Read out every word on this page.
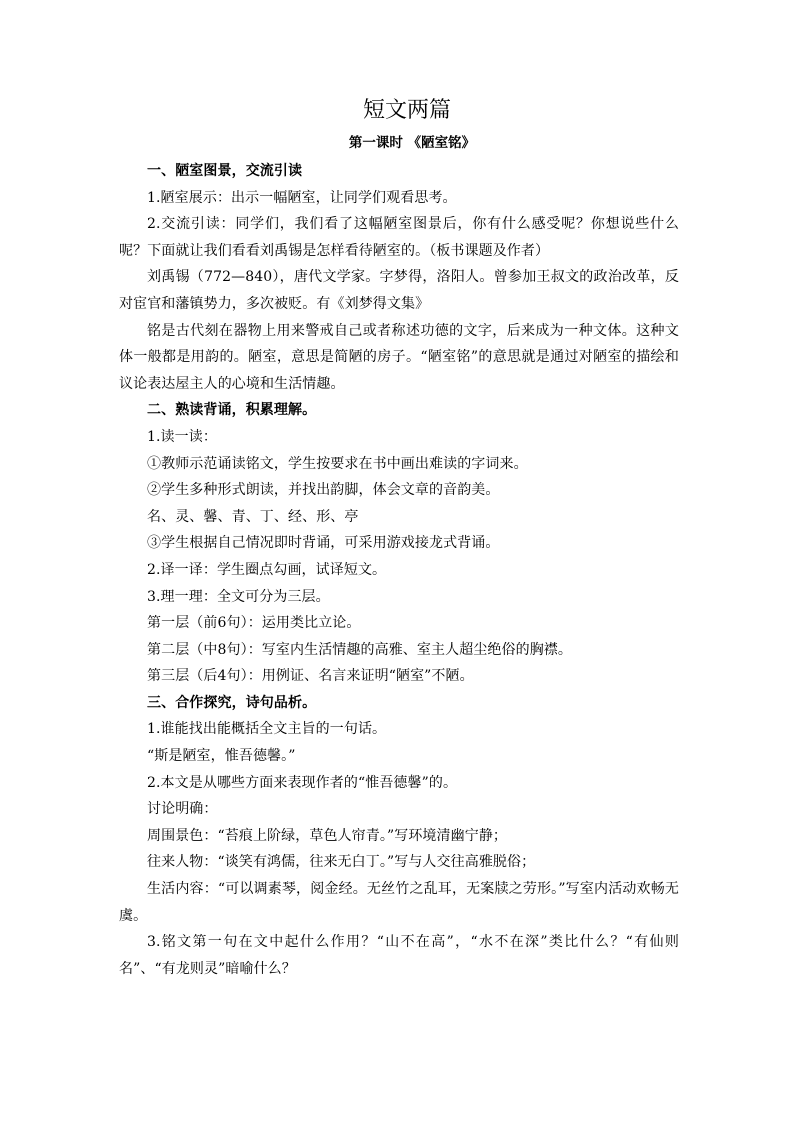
短文两篇
第一课时 《陋室铭》

一、陋室图景，交流引读

1.陋室展示：出示一幅陋室，让同学们观看思考。

2.交流引读：同学们，我们看了这幅陋室图景后，你有什么感受呢？你想说些什么呢？下面就让我们看看刘禹锡是怎样看待陋室的。（板书课题及作者）

刘禹锡（772—840），唐代文学家。字梦得，洛阳人。曾参加王叔文的政治改革，反对宦官和藩镇势力，多次被贬。有《刘梦得文集》

铭是古代刻在器物上用来警戒自己或者称述功德的文字，后来成为一种文体。这种文体一般都是用韵的。陋室，意思是简陋的房子。“陋室铭”的意思就是通过对陋室的描绘和议论表达屋主人的心境和生活情趣。

二、熟读背诵，积累理解。

1.读一读：

①教师示范诵读铭文，学生按要求在书中画出难读的字词来。

②学生多种形式朗读，并找出韵脚，体会文章的音韵美。

名、灵、馨、青、丁、经、形、亭

③学生根据自己情况即时背诵，可采用游戏接龙式背诵。

2.译一译：学生圈点勾画，试译短文。

3.理一理：全文可分为三层。

第一层（前6句）：运用类比立论。

第二层（中8句）：写室内生活情趣的高雅、室主人超尘绝俗的胸襟。

第三层（后4句）：用例证、名言来证明“陋室”不陋。

三、合作探究，诗句品析。

1.谁能找出能概括全文主旨的一句话。

“斯是陋室，惟吾德馨。”

2.本文是从哪些方面来表现作者的“惟吾德馨”的。

讨论明确：

周围景色：“苔痕上阶绿，草色人帘青。”写环境清幽宁静；

往来人物：“谈笑有鸿儒，往来无白丁。”写与人交往高雅脱俗；

生活内容：“可以调素琴，阅金经。无丝竹之乱耳，无案牍之劳形。”写室内活动欢畅无虞。

3.铭文第一句在文中起什么作用？“山不在高”，“水不在深”类比什么？“有仙则名”、“有龙则灵”暗喻什么？
